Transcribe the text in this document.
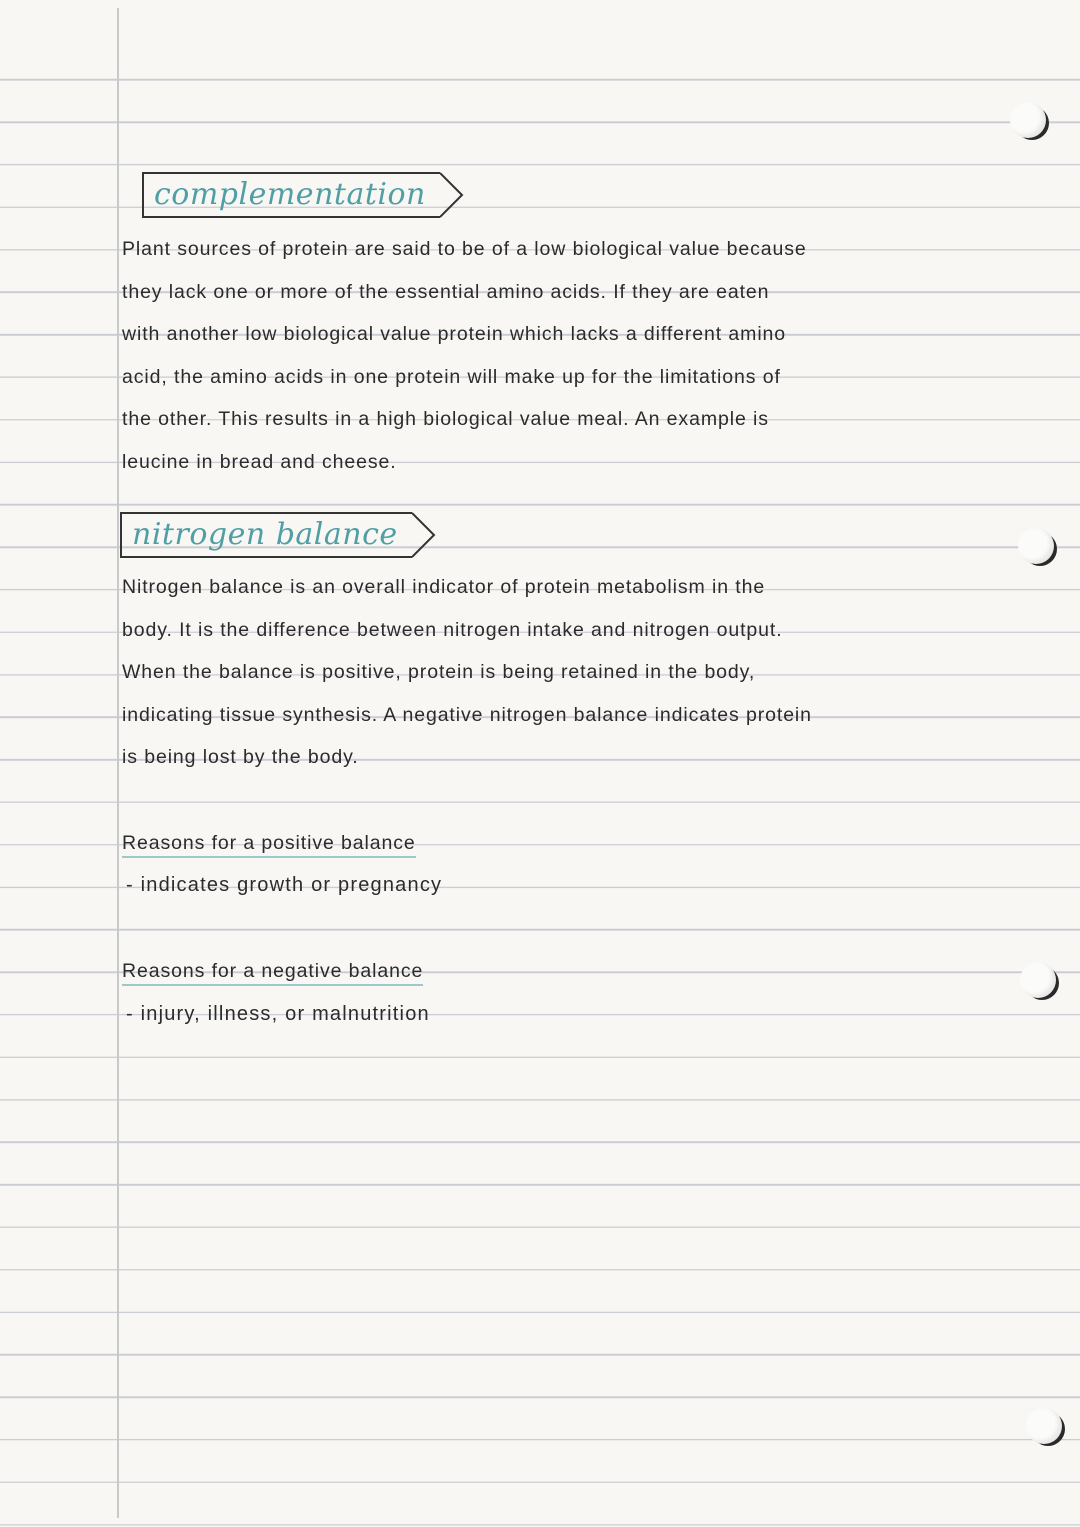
complementation
Plant sources of protein are said to be of a low biological value because
they lack one or more of the essential amino acids. If they are eaten
with another low biological value protein which lacks a different amino
acid, the amino acids in one protein will make up for the limitations of
the other. This results in a high biological value meal. An example is
leucine in bread and cheese.
nitrogen balance
Nitrogen balance is an overall indicator of protein metabolism in the
body. It is the difference between nitrogen intake and nitrogen output.
When the balance is positive, protein is being retained in the body,
indicating tissue synthesis. A negative nitrogen balance indicates protein
is being lost by the body.
Reasons for a positive balance
- indicates growth or pregnancy
Reasons for a negative balance
- injury, illness, or malnutrition
